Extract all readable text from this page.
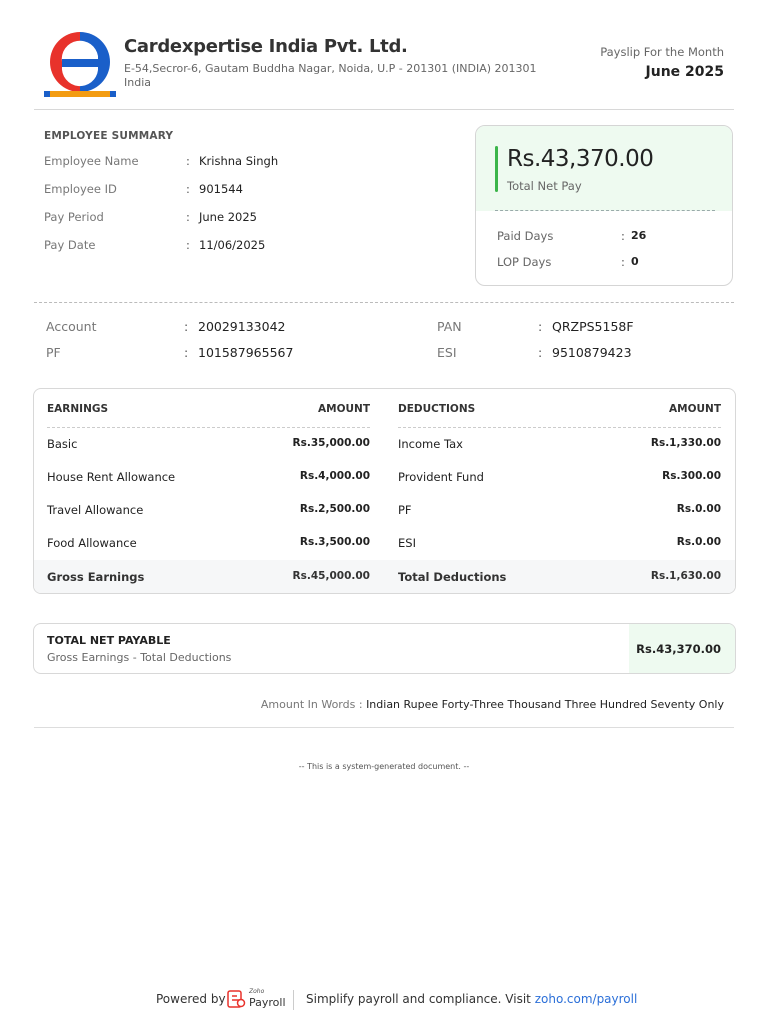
Cardexpertise India Pvt. Ltd.
E-54,Secror-6, Gautam Buddha Nagar, Noida, U.P - 201301 (INDIA) 201301 India
Payslip For the Month
June 2025
EMPLOYEE SUMMARY
Employee Name	: Krishna Singh
Employee ID	: 901544
Pay Period	: June 2025
Pay Date	: 11/06/2025
Rs.43,370.00
Total Net Pay
Paid Days	: 26
LOP Days	: 0
Account	: 20029133042
PF	: 101587965567
PAN	: QRZPS5158F
ESI	: 9510879423
EARNINGS	AMOUNT
Basic	Rs.35,000.00
House Rent Allowance	Rs.4,000.00
Travel Allowance	Rs.2,500.00
Food Allowance	Rs.3,500.00
Gross Earnings	Rs.45,000.00
DEDUCTIONS	AMOUNT
Income Tax	Rs.1,330.00
Provident Fund	Rs.300.00
PF	Rs.0.00
ESI	Rs.0.00
Total Deductions	Rs.1,630.00
TOTAL NET PAYABLE
Gross Earnings - Total Deductions
Rs.43,370.00
Amount In Words : Indian Rupee Forty-Three Thousand Three Hundred Seventy Only
-- This is a system-generated document. --
Powered by
Zoho
Payroll Simplify payroll and compliance. Visit zoho.com/payroll
